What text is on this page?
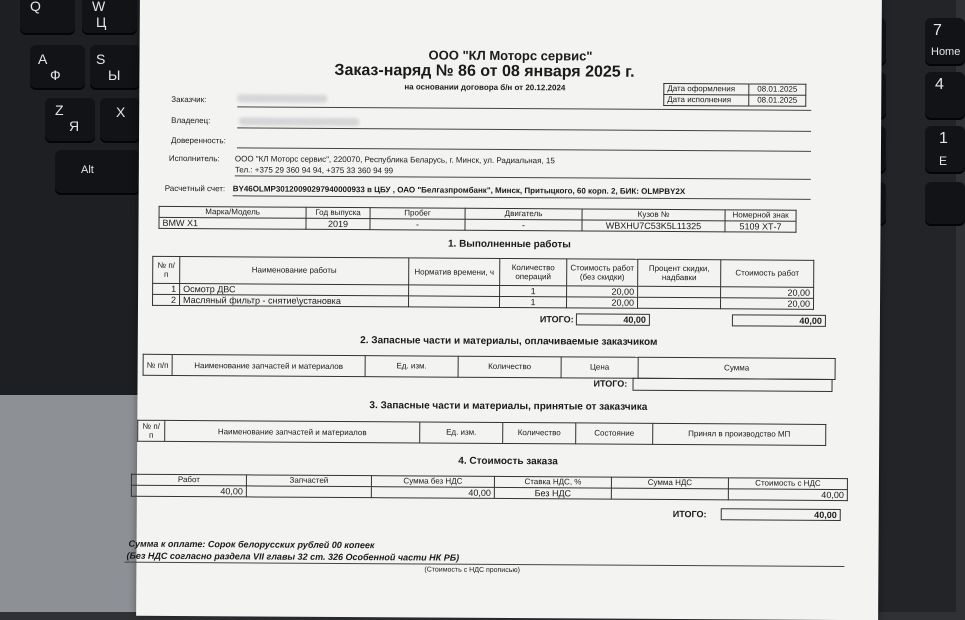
Q	W
Ц
A
Ф
S
Ы
Z
Я
X
Alt
7
Home
4
1
E
ООО "КЛ Моторс сервис"
Заказ-наряд № 86 от 08 января 2025 г.
на основании договора б/н от 20.12.2024	Дата оформления	08.01.2025
Дата исполнения	08.01.2025
Заказчик:
Владелец:
Доверенность:
Исполнитель: ООО "КЛ Моторс сервис", 220070, Республика Беларусь, г. Минск, ул. Радиальная, 15
Тел.: +375 29 360 94 94, +375 33 360 94 99
Расчетный счет: BY46OLMP30120090297940000933 в ЦБУ , ОАО "Белгазпромбанк", Минск, Притыцкого, 60 корп. 2, БИК: OLMPBY2X
Марка/Модель	Год выпуска	Пробег	Двигатель	Кузов №	Номерной знак
BMW X1	2019	-	-	WBXHU7C53K5L11325	5109 ХТ-7
1. Выполненные работы
№ п/п	Наименование работы	Норматив времени, ч	Количество операций	Стоимость работ (без скидки)	Процент скидки, надбавки	Стоимость работ
1	Осмотр ДВС		1	20,00		20,00
2	Масляный фильтр - снятие\установка		1	20,00		20,00
ИТОГО:	40,00	40,00
2. Запасные части и материалы, оплачиваемые заказчиком
№ п/п	Наименование запчастей и материалов	Ед. изм.	Количество	Цена	Сумма
ИТОГО:
3. Запасные части и материалы, принятые от заказчика
№ п/п	Наименование запчастей и материалов	Ед. изм.	Количество	Состояние	Принял в производство МП
4. Стоимость заказа
Работ	Запчастей	Сумма без НДС	Ставка НДС, %	Сумма НДС	Стоимость с НДС
40,00		40,00	Без НДС		40,00
ИТОГО:	40,00
Сумма к оплате: Сорок белорусских рублей 00 копеек
(Без НДС согласно раздела VII главы 32 ст. 326 Особенной части НК РБ)
(Стоимость с НДС прописью)
